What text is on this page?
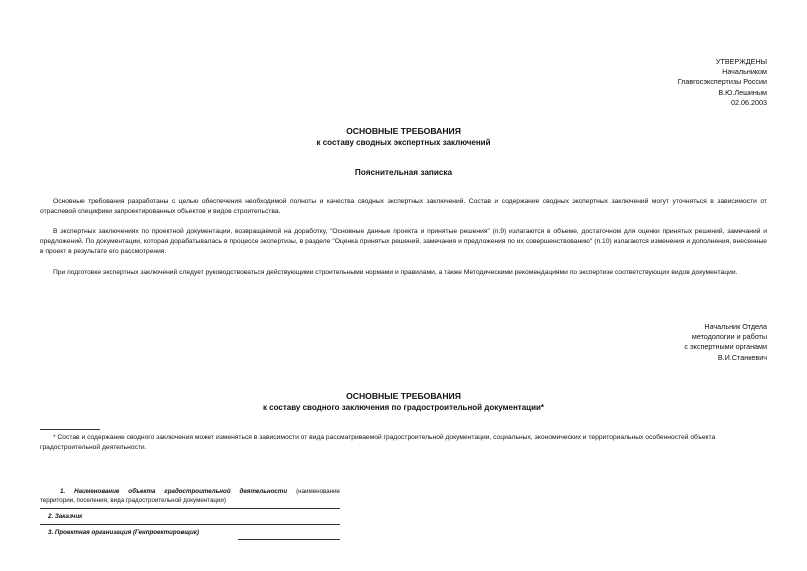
УТВЕРЖДЕНЫ
Начальником
Главгосэкспертизы России
В.Ю.Лешиным
02.06.2003
ОСНОВНЫЕ ТРЕБОВАНИЯ
к составу сводных экспертных заключений
Пояснительная записка
Основные требования разработаны с целью обеспечения необходимой полноты и качества сводных экспертных заключений. Состав и содержание сводных экспертных заключений могут уточняться в зависимости от отраслевой специфики запроектированных объектов и видов строительства.
В экспертных заключениях по проектной документации, возвращаемой на доработку, "Основные данные проекта и принятые решения" (п.9) излагаются в объеме, достаточном для оценки принятых решений, замечаний и предложений. По документации, которая дорабатывалась в процессе экспертизы, в разделе "Оценка принятых решений, замечания и предложения по их совершенствованию" (п.10) излагаются изменения и дополнения, внесенные в проект в результате его рассмотрения.
При подготовке экспертных заключений следует руководствоваться действующими строительными нормами и правилами, а также Методическими рекомендациями по экспертизе соответствующих видов документации.
Начальник Отдела
методологии и работы
с экспертными органами
В.И.Станкевич
ОСНОВНЫЕ ТРЕБОВАНИЯ
к составу сводного заключения по градостроительной документации*
* Состав и содержание сводного заключения может изменяться в зависимости от вида рассматриваемой градостроительной документации, социальных, экономических и территориальных особенностей объекта градостроительной деятельности.
1. Наименование объекта градостроительной деятельности (наименование территории, поселения, вида градостроительной документации)
2. Заказчик
3. Проектная организация (Генпроектировщик)
